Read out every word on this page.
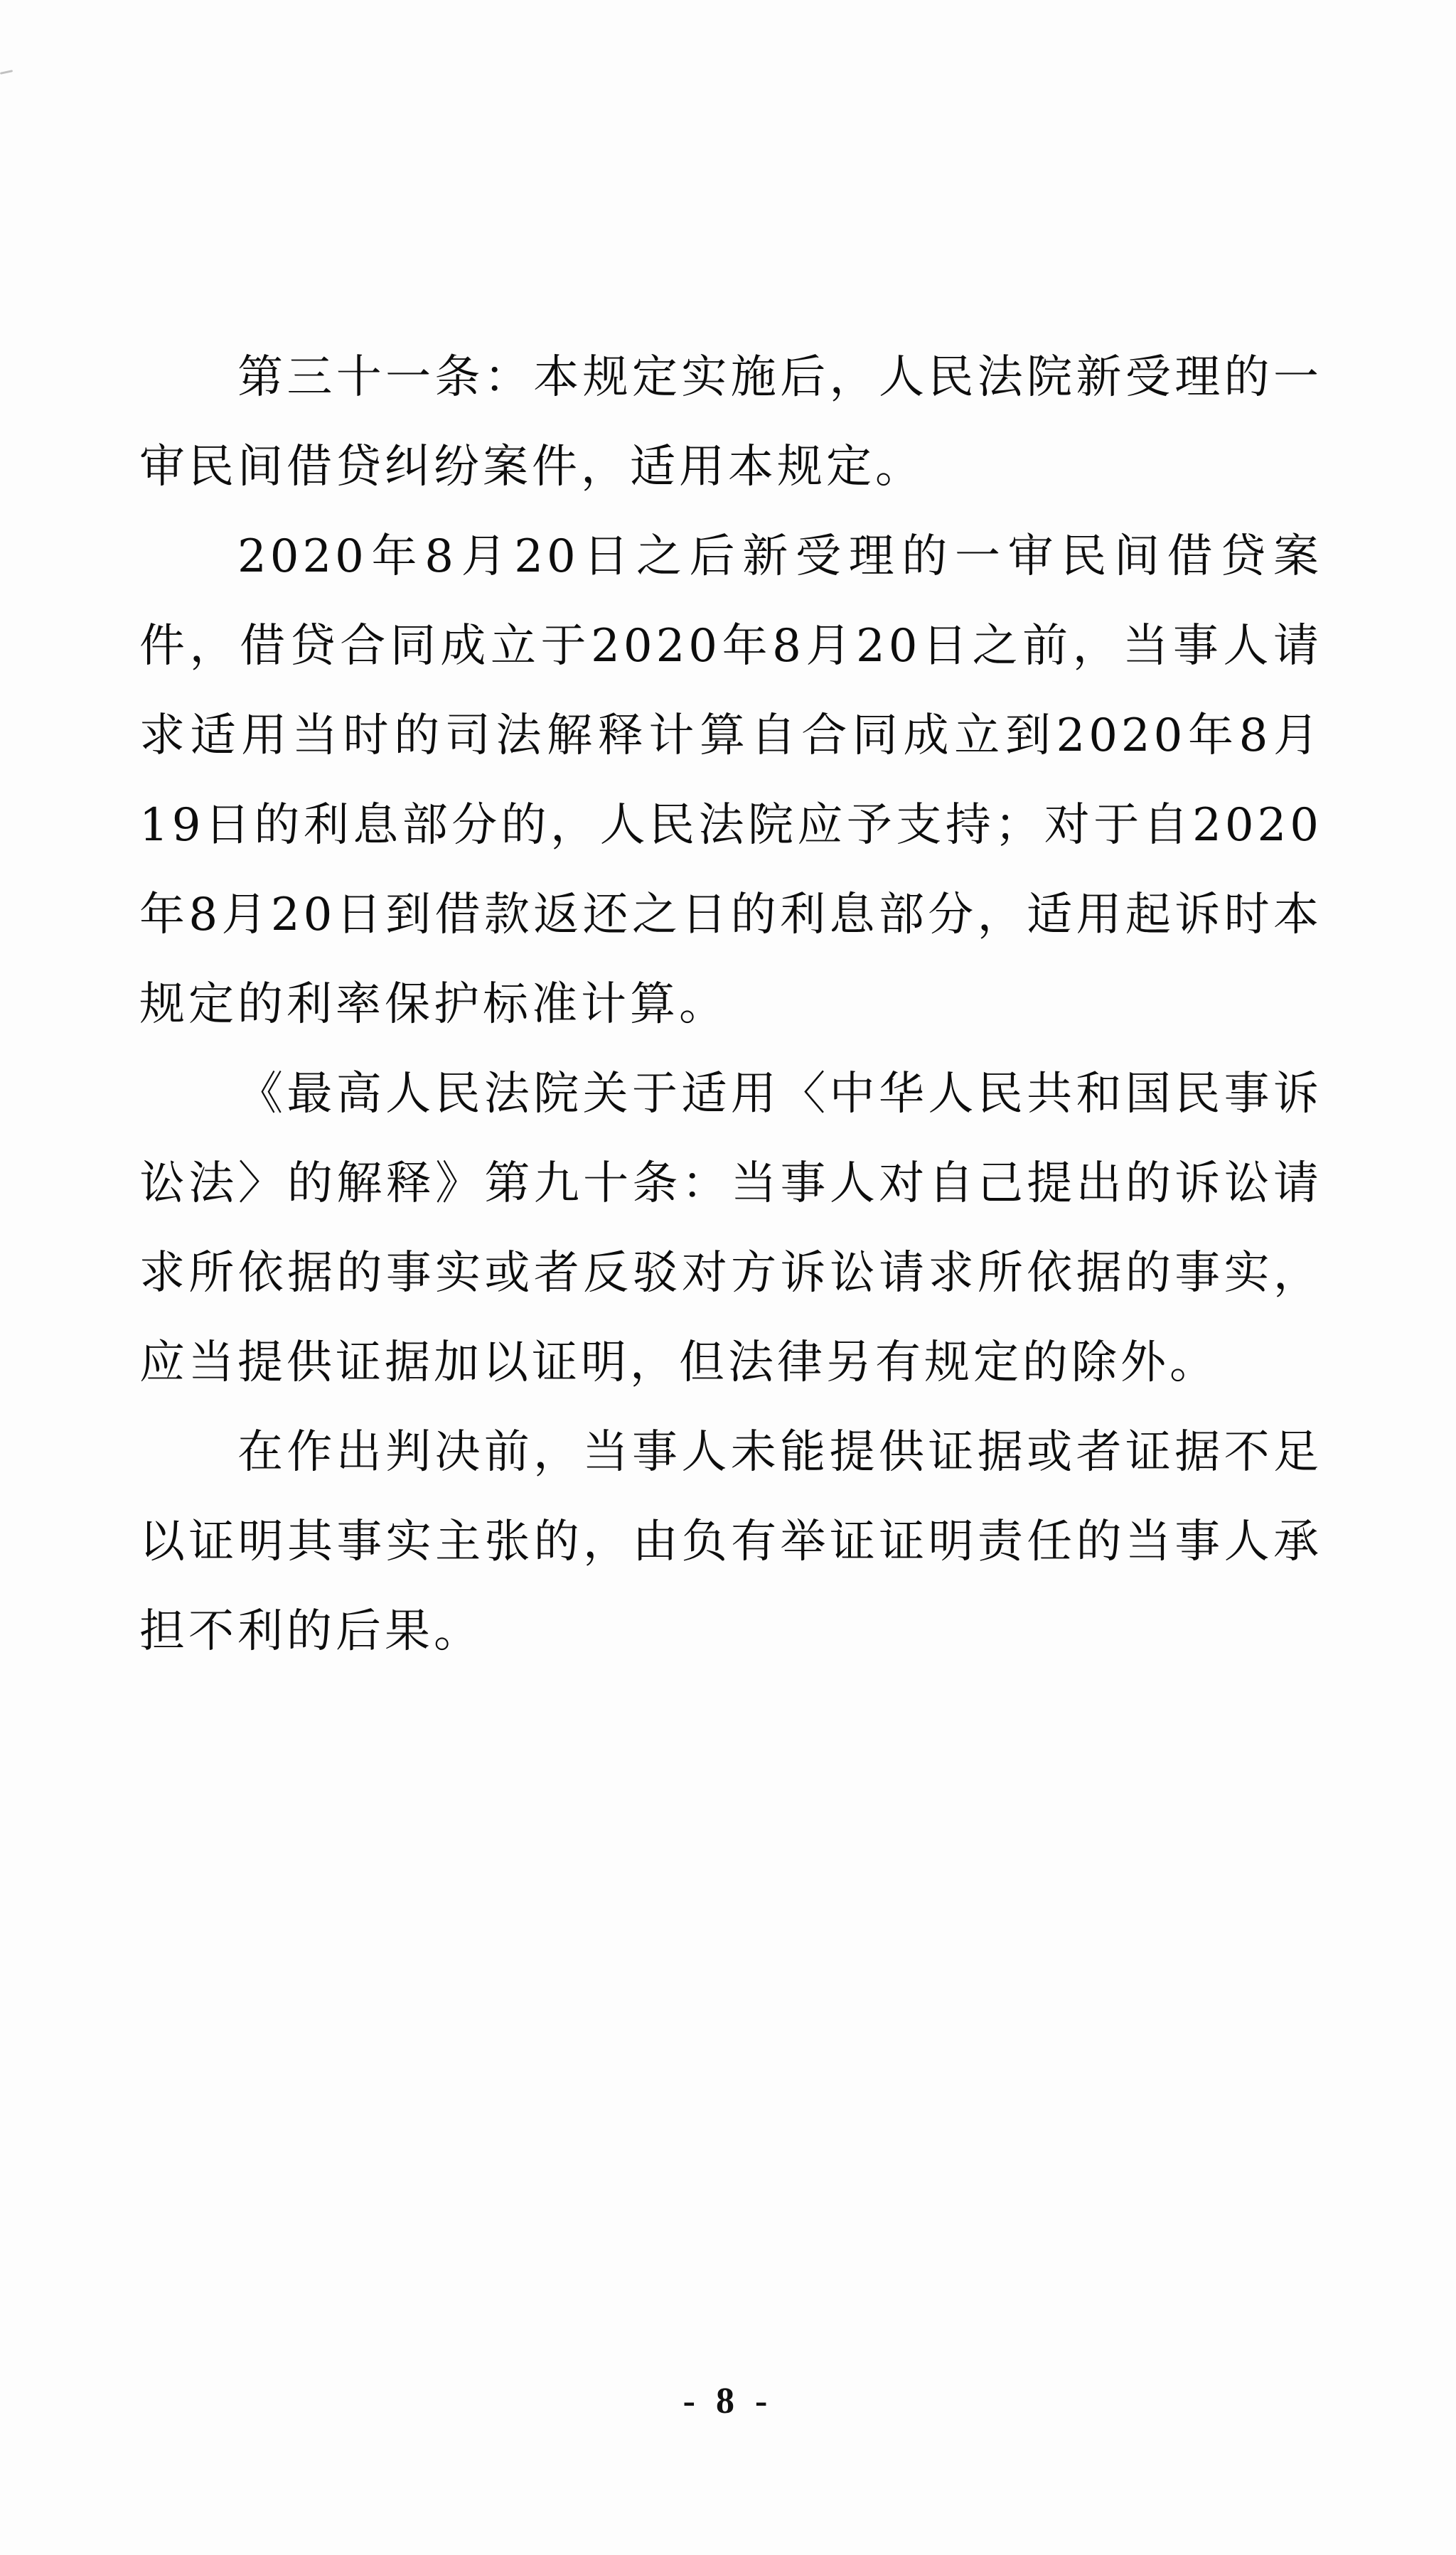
第三十一条：本规定实施后，人民法院新受理的一审民间借贷纠纷案件，适用本规定。

2020年8月20日之后新受理的一审民间借贷案件，借贷合同成立于2020年8月20日之前，当事人请求适用当时的司法解释计算自合同成立到2020年8月19日的利息部分的，人民法院应予支持；对于自2020年8月20日到借款返还之日的利息部分，适用起诉时本规定的利率保护标准计算。

《最高人民法院关于适用〈中华人民共和国民事诉讼法〉的解释》第九十条：当事人对自己提出的诉讼请求所依据的事实或者反驳对方诉讼请求所依据的事实，应当提供证据加以证明，但法律另有规定的除外。

在作出判决前，当事人未能提供证据或者证据不足以证明其事实主张的，由负有举证证明责任的当事人承担不利的后果。

- 8 -
